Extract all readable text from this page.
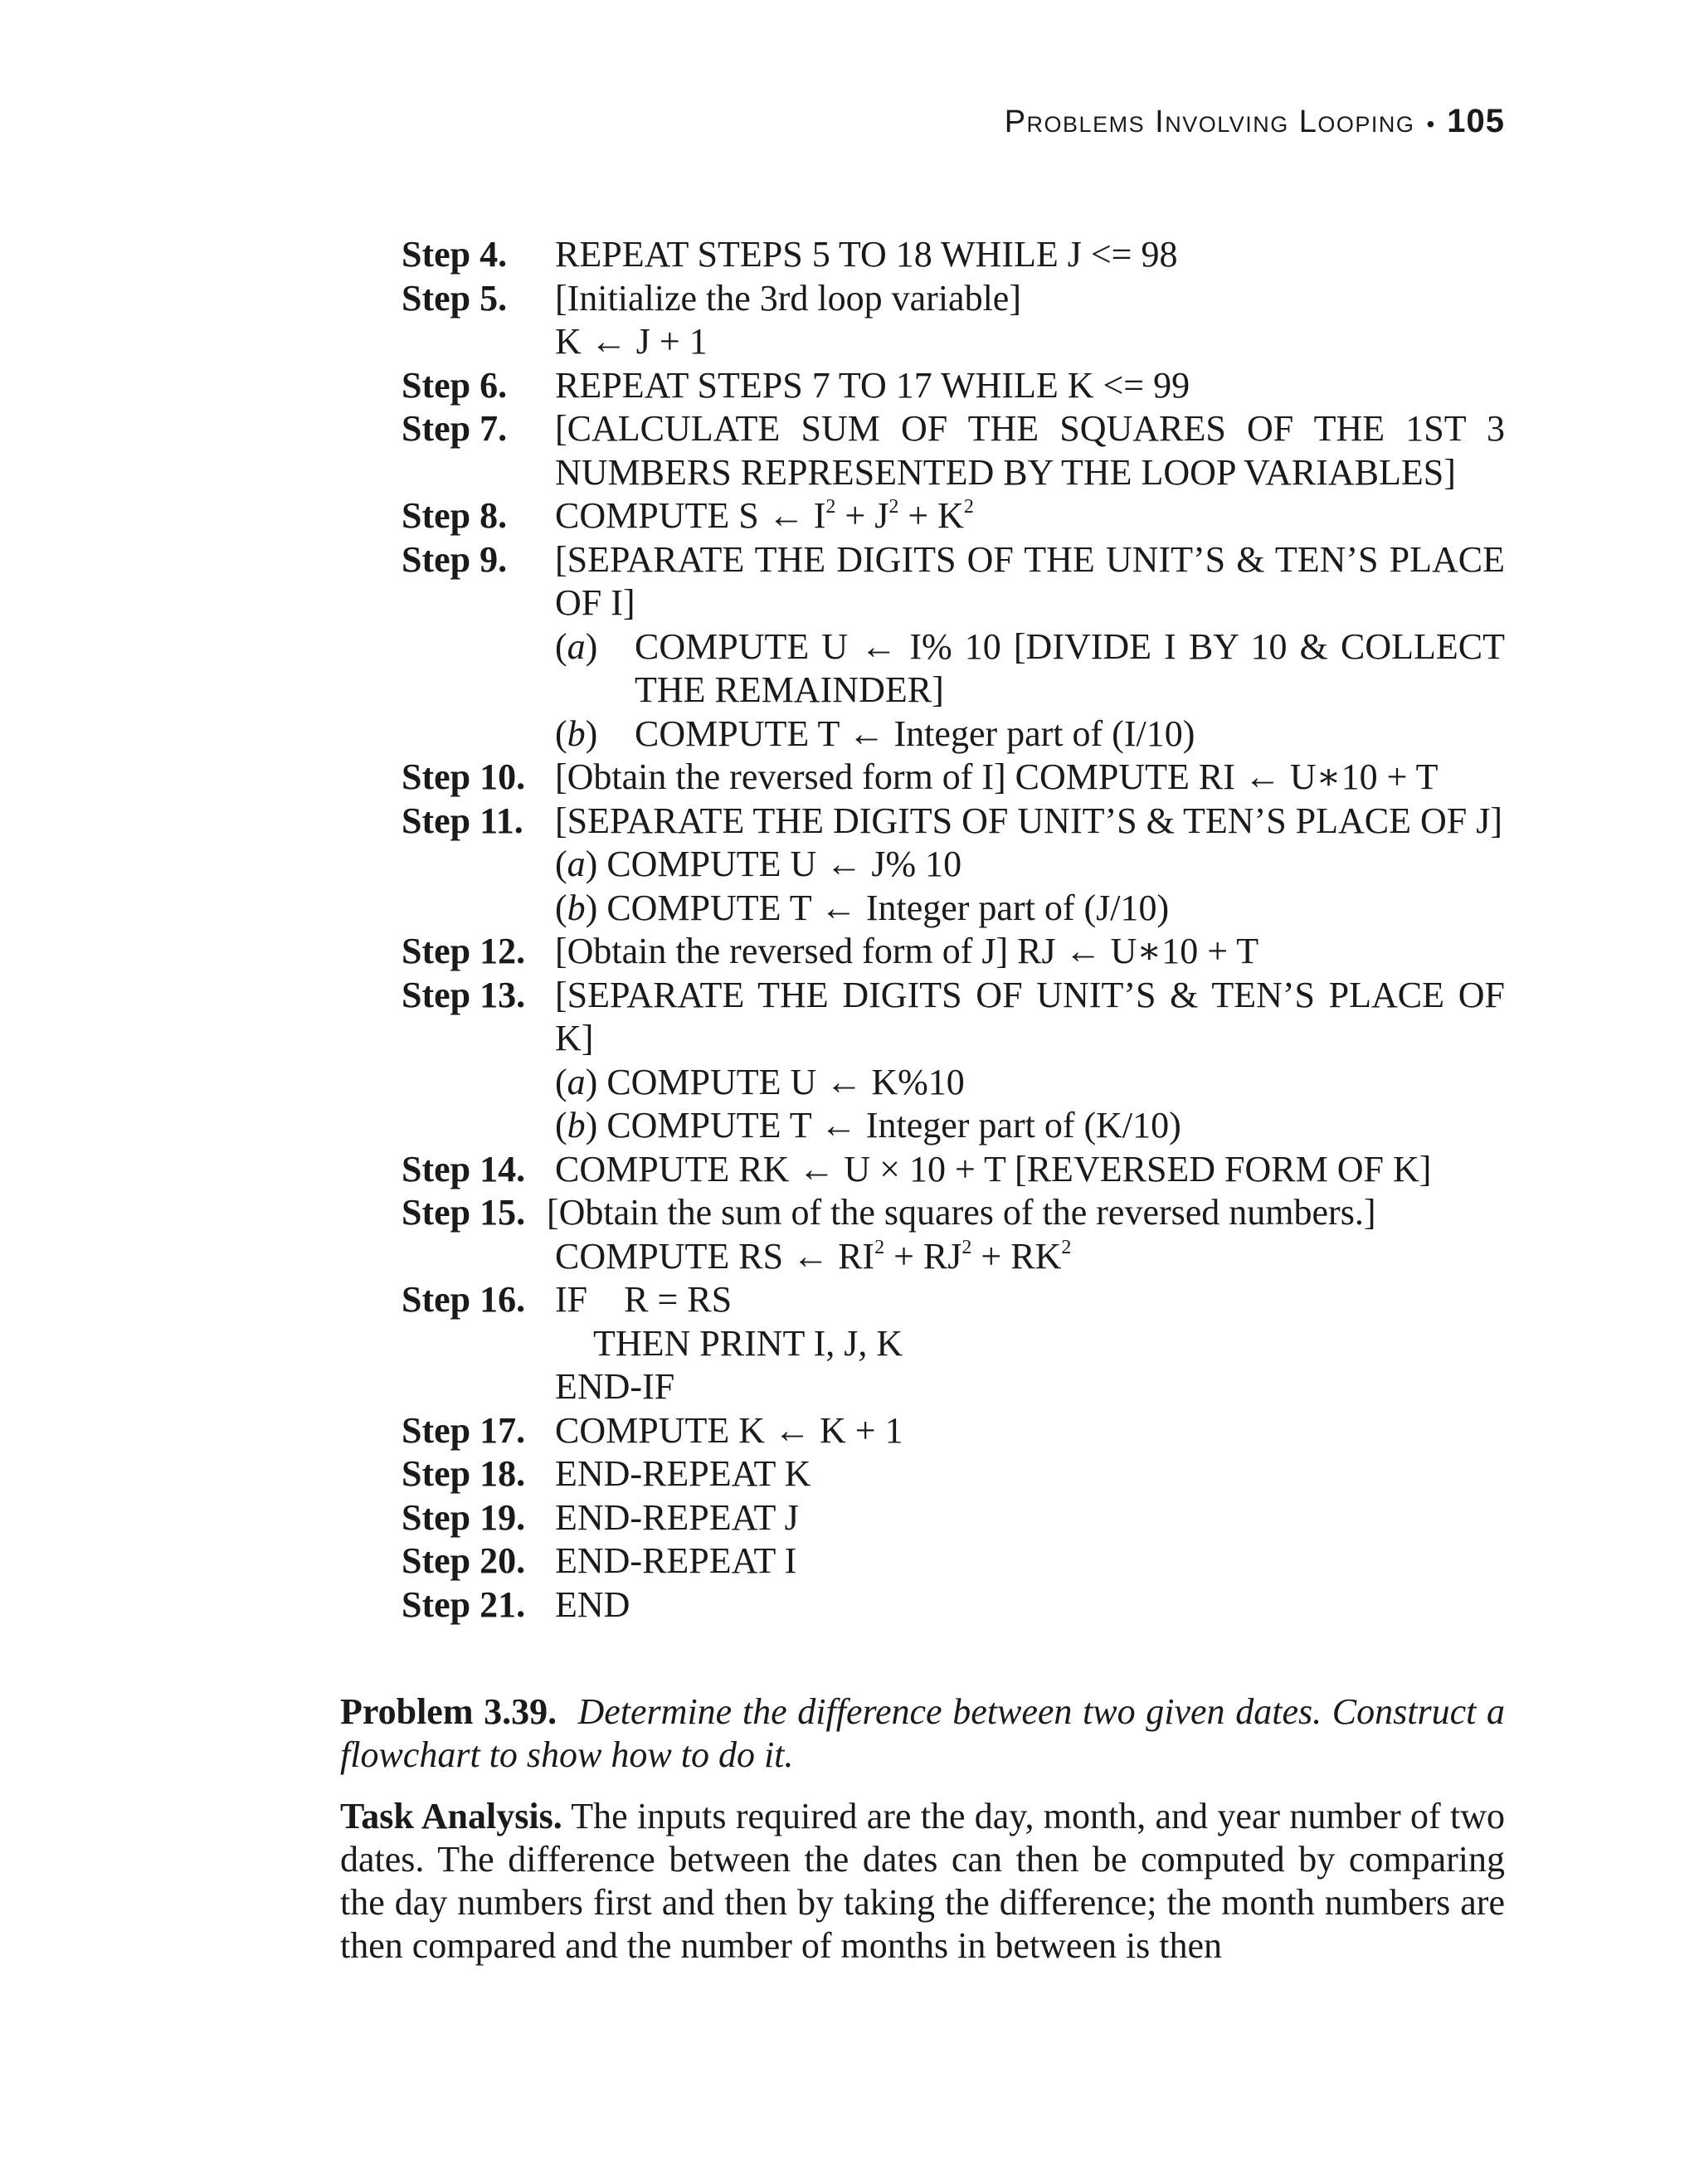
Problems Involving Looping • 105
Step 4.	REPEAT STEPS 5 TO 18 WHILE J <= 98
Step 5.	[Initialize the 3rd loop variable]
K ← J + 1
Step 6.	REPEAT STEPS 7 TO 17 WHILE K <= 99
Step 7.	[CALCULATE SUM OF THE SQUARES OF THE 1ST 3 NUMBERS REPRESENTED BY THE LOOP VARIABLES]
Step 8.	COMPUTE S ← $I^2 + J^2 + K^2$
Step 9.	[SEPARATE THE DIGITS OF THE UNIT’S & TEN’S PLACE OF I]
(a)	COMPUTE U ← I% 10 [DIVIDE I BY 10 & COLLECT THE REMAINDER]
(b)	COMPUTE T ← Integer part of (I/10)
Step 10. [Obtain the reversed form of I] COMPUTE RI ← U∗10 + T
Step 11. [SEPARATE THE DIGITS OF UNIT’S & TEN’S PLACE OF J]
(a) COMPUTE U ← J% 10
(b) COMPUTE T ← Integer part of (J/10)
Step 12. [Obtain the reversed form of J] RJ ← U∗10 + T
Step 13. [SEPARATE THE DIGITS OF UNIT’S & TEN’S PLACE OF K]
(a) COMPUTE U ← K%10
(b) COMPUTE T ← Integer part of (K/10)
Step 14. COMPUTE RK ← U × 10 + T [REVERSED FORM OF K]
Step 15. [Obtain the sum of the squares of the reversed numbers.]
COMPUTE RS ← $RI^2 + RJ^2 + RK^2$
Step 16. IF    R = RS
THEN PRINT I, J, K
END-IF
Step 17. COMPUTE K ← K + 1
Step 18. END-REPEAT K
Step 19. END-REPEAT J
Step 20. END-REPEAT I
Step 21. END
Problem 3.39. Determine the difference between two given dates. Construct a flowchart to show how to do it.
Task Analysis. The inputs required are the day, month, and year number of two dates. The difference between the dates can then be computed by comparing the day numbers first and then by taking the difference; the month numbers are then compared and the number of months in between is then
